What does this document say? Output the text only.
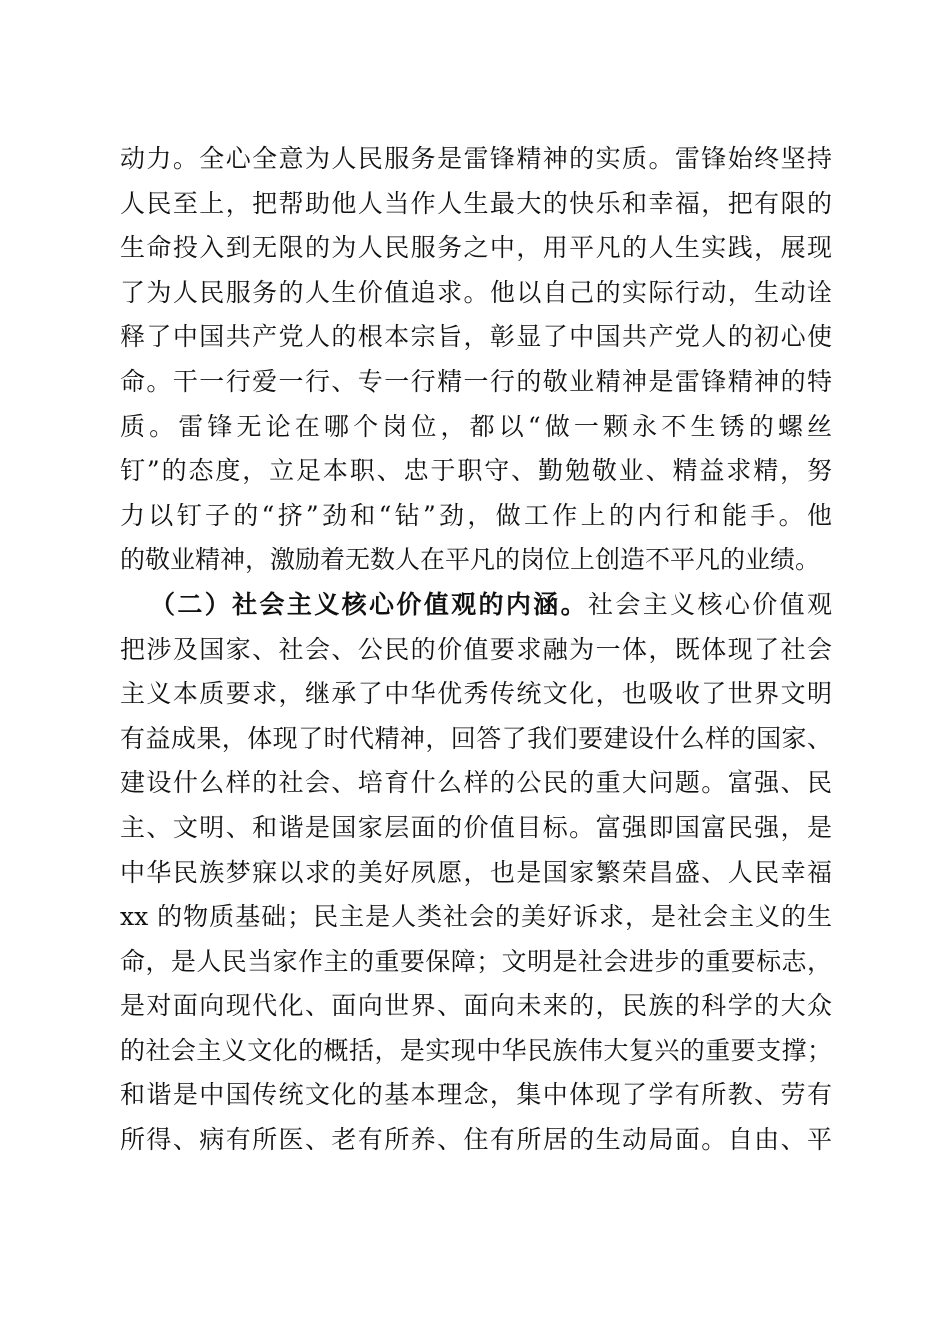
动力。全心全意为人民服务是雷锋精神的实质。雷锋始终坚持
人民至上，把帮助他人当作人生最大的快乐和幸福，把有限的
生命投入到无限的为人民服务之中，用平凡的人生实践，展现
了为人民服务的人生价值追求。他以自己的实际行动，生动诠
释了中国共产党人的根本宗旨，彰显了中国共产党人的初心使
命。干一行爱一行、专一行精一行的敬业精神是雷锋精神的特
质。雷锋无论在哪个岗位，都以“做一颗永不生锈的螺丝
钉”的态度，立足本职、忠于职守、勤勉敬业、精益求精，努
力以钉子的“挤”劲和“钻”劲，做工作上的内行和能手。他
的敬业精神，激励着无数人在平凡的岗位上创造不平凡的业绩。
（二）社会主义核心价值观的内涵。社会主义核心价值观
把涉及国家、社会、公民的价值要求融为一体，既体现了社会
主义本质要求，继承了中华优秀传统文化，也吸收了世界文明
有益成果，体现了时代精神，回答了我们要建设什么样的国家、
建设什么样的社会、培育什么样的公民的重大问题。富强、民
主、文明、和谐是国家层面的价值目标。富强即国富民强，是
中华民族梦寐以求的美好夙愿，也是国家繁荣昌盛、人民幸福
xx 的物质基础；民主是人类社会的美好诉求，是社会主义的生
命，是人民当家作主的重要保障；文明是社会进步的重要标志，
是对面向现代化、面向世界、面向未来的，民族的科学的大众
的社会主义文化的概括，是实现中华民族伟大复兴的重要支撑；
和谐是中国传统文化的基本理念，集中体现了学有所教、劳有
所得、病有所医、老有所养、住有所居的生动局面。自由、平
